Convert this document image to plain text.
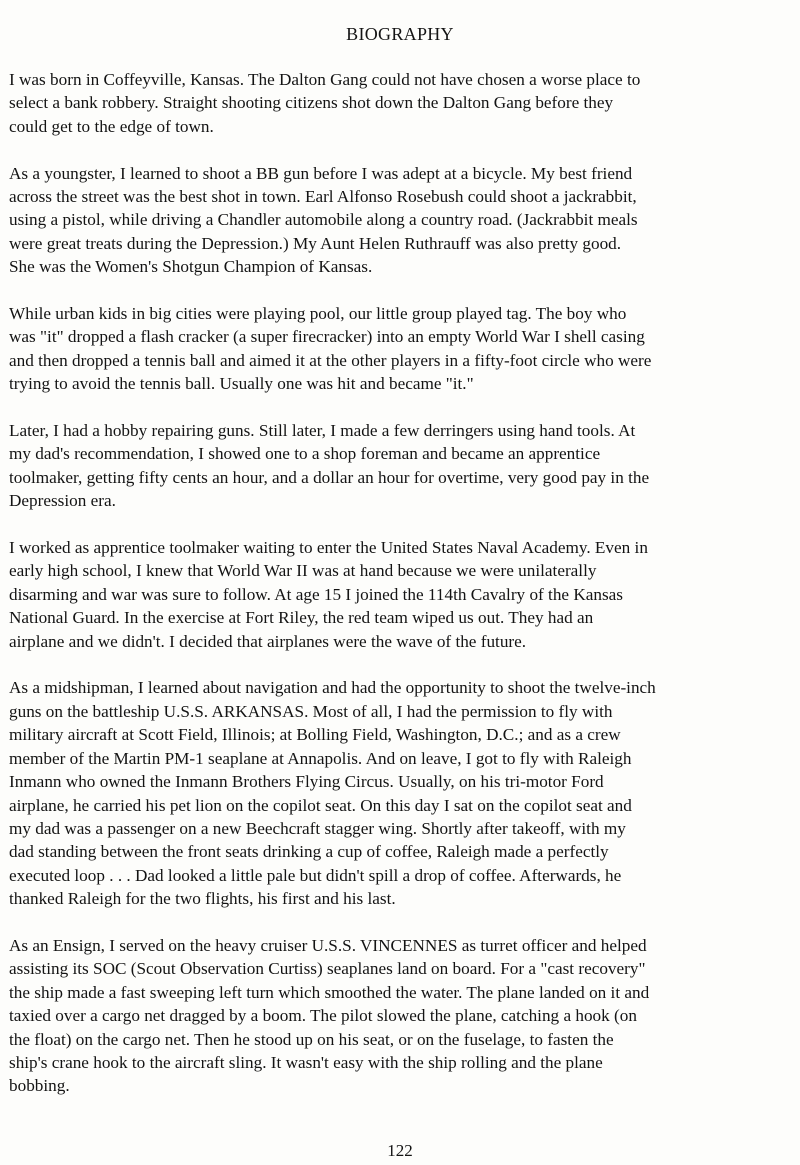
BIOGRAPHY

I was born in Coffeyville, Kansas. The Dalton Gang could not have chosen a worse place to
select a bank robbery. Straight shooting citizens shot down the Dalton Gang before they
could get to the edge of town.

As a youngster, I learned to shoot a BB gun before I was adept at a bicycle. My best friend
across the street was the best shot in town. Earl Alfonso Rosebush could shoot a jackrabbit,
using a pistol, while driving a Chandler automobile along a country road. (Jackrabbit meals
were great treats during the Depression.) My Aunt Helen Ruthrauff was also pretty good.
She was the Women's Shotgun Champion of Kansas.

While urban kids in big cities were playing pool, our little group played tag. The boy who
was "it" dropped a flash cracker (a super firecracker) into an empty World War I shell casing
and then dropped a tennis ball and aimed it at the other players in a fifty-foot circle who were
trying to avoid the tennis ball. Usually one was hit and became "it."

Later, I had a hobby repairing guns. Still later, I made a few derringers using hand tools. At
my dad's recommendation, I showed one to a shop foreman and became an apprentice
toolmaker, getting fifty cents an hour, and a dollar an hour for overtime, very good pay in the
Depression era.

I worked as apprentice toolmaker waiting to enter the United States Naval Academy. Even in
early high school, I knew that World War II was at hand because we were unilaterally
disarming and war was sure to follow. At age 15 I joined the 114th Cavalry of the Kansas
National Guard. In the exercise at Fort Riley, the red team wiped us out. They had an
airplane and we didn't. I decided that airplanes were the wave of the future.

As a midshipman, I learned about navigation and had the opportunity to shoot the twelve-inch
guns on the battleship U.S.S. ARKANSAS. Most of all, I had the permission to fly with
military aircraft at Scott Field, Illinois; at Bolling Field, Washington, D.C.; and as a crew
member of the Martin PM-1 seaplane at Annapolis. And on leave, I got to fly with Raleigh
Inmann who owned the Inmann Brothers Flying Circus. Usually, on his tri-motor Ford
airplane, he carried his pet lion on the copilot seat. On this day I sat on the copilot seat and
my dad was a passenger on a new Beechcraft stagger wing. Shortly after takeoff, with my
dad standing between the front seats drinking a cup of coffee, Raleigh made a perfectly
executed loop . . . Dad looked a little pale but didn't spill a drop of coffee. Afterwards, he
thanked Raleigh for the two flights, his first and his last.

As an Ensign, I served on the heavy cruiser U.S.S. VINCENNES as turret officer and helped
assisting its SOC (Scout Observation Curtiss) seaplanes land on board. For a "cast recovery"
the ship made a fast sweeping left turn which smoothed the water. The plane landed on it and
taxied over a cargo net dragged by a boom. The pilot slowed the plane, catching a hook (on
the float) on the cargo net. Then he stood up on his seat, or on the fuselage, to fasten the
ship's crane hook to the aircraft sling. It wasn't easy with the ship rolling and the plane
bobbing.

122
